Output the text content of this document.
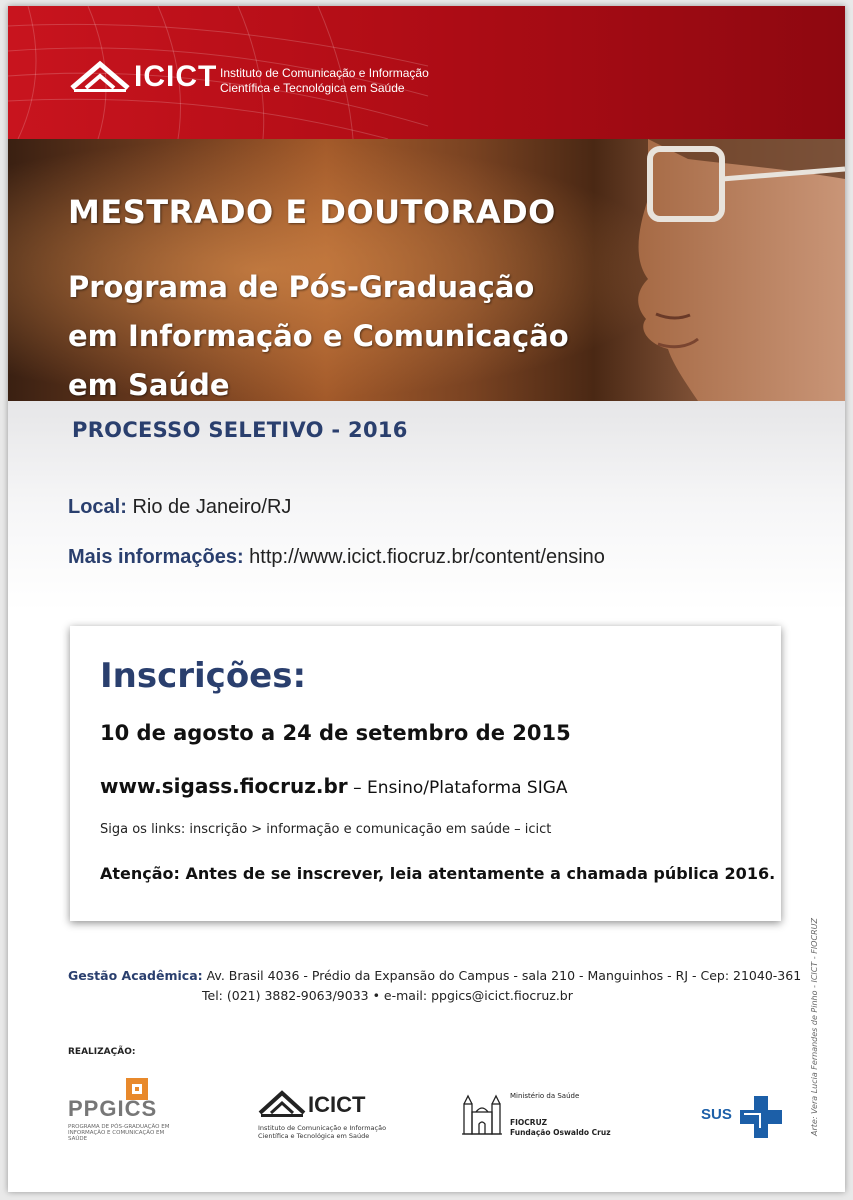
ICICT Instituto de Comunicação e Informação
Científica e Tecnológica em Saúde
MESTRADO E DOUTORADO
Programa de Pós-Graduação
em Informação e Comunicação
em Saúde
PROCESSO SELETIVO - 2016
Local: Rio de Janeiro/RJ
Mais informações: http://www.icict.fiocruz.br/content/ensino
Inscrições:
10 de agosto a 24 de setembro de 2015
www.sigass.fiocruz.br – Ensino/Plataforma SIGA
Siga os links: inscrição > informação e comunicação em saúde – icict
Atenção: Antes de se inscrever, leia atentamente a chamada pública 2016.
Gestão Acadêmica: Av. Brasil 4036 - Prédio da Expansão do Campus - sala 210 - Manguinhos - RJ - Cep: 21040-361
Tel: (021) 3882-9063/9033 • e-mail: ppgics@icict.fiocruz.br
REALIZAÇÃO:	Arte: Vera Lucia Fernandes de Pinho - ICICT - FIOCRUZ
PPGICS
PROGRAMA DE PÓS-GRADUAÇÃO EM INFORMAÇÃO E COMUNICAÇÃO EM SAÚDE
ICICT
Instituto de Comunicação e Informação
Científica e Tecnológica em Saúde
Ministério da Saúde
FIOCRUZ
Fundação Oswaldo Cruz
SUS
